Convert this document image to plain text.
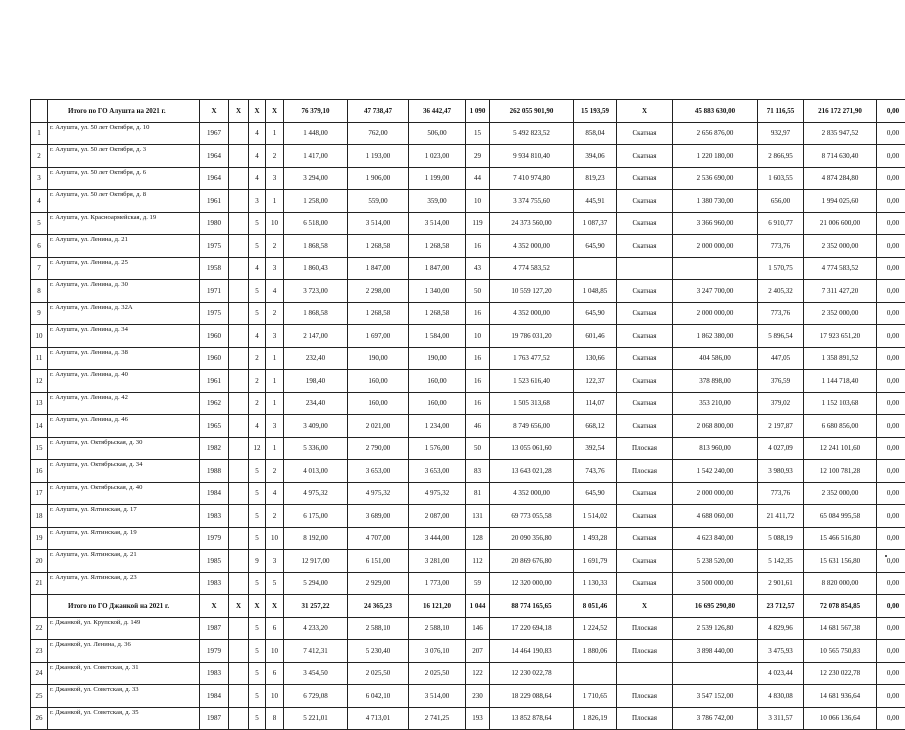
	Итого по ГО Алушта на 2021 г.	X	X	X	X	76 379,10	47 738,47	36 442,47	1 090	262 055 901,90	15 193,59	X	45 883 630,00	71 116,55	216 172 271,90	0,00
1	г. Алушта, ул. 50 лет Октября, д. 10	1967		4	1	1 448,00	762,00	506,00	15	5 492 823,52	858,04	Скатная	2 656 876,00	932,97	2 835 947,52	0,00
2	г. Алушта, ул. 50 лет Октября, д. 3	1964		4	2	1 417,00	1 193,00	1 023,00	29	9 934 810,40	394,06	Скатная	1 220 180,00	2 866,95	8 714 630,40	0,00
3	г. Алушта, ул. 50 лет Октября, д. 6	1964		4	3	3 294,00	1 906,00	1 199,00	44	7 410 974,80	819,23	Скатная	2 536 690,00	1 603,55	4 874 284,80	0,00
4	г. Алушта, ул. 50 лет Октября, д. 8	1961		3	1	1 258,00	559,00	359,00	10	3 374 755,60	445,91	Скатная	1 380 730,00	656,00	1 994 025,60	0,00
5	г. Алушта, ул. Красноармейская, д. 19	1980		5	10	6 518,00	3 514,00	3 514,00	119	24 373 560,00	1 087,37	Скатная	3 366 960,00	6 910,77	21 006 600,00	0,00
6	г. Алушта, ул. Ленина, д. 21	1975		5	2	1 868,58	1 268,58	1 268,58	16	4 352 000,00	645,90	Скатная	2 000 000,00	773,76	2 352 000,00	0,00
7	г. Алушта, ул. Ленина, д. 25	1958		4	3	1 860,43	1 847,00	1 847,00	43	4 774 583,52				1 570,75	4 774 583,52	0,00
8	г. Алушта, ул. Ленина, д. 30	1971		5	4	3 723,00	2 298,00	1 340,00	50	10 559 127,20	1 048,85	Скатная	3 247 700,00	2 405,32	7 311 427,20	0,00
9	г. Алушта, ул. Ленина, д. 32А	1975		5	2	1 868,58	1 268,58	1 268,58	16	4 352 000,00	645,90	Скатная	2 000 000,00	773,76	2 352 000,00	0,00
10	г. Алушта, ул. Ленина, д. 34	1960		4	3	2 147,00	1 697,00	1 584,00	10	19 786 031,20	601,46	Скатная	1 862 380,00	5 896,54	17 923 651,20	0,00
11	г. Алушта, ул. Ленина, д. 38	1960		2	1	232,40	190,00	190,00	16	1 763 477,52	130,66	Скатная	404 586,00	447,05	1 358 891,52	0,00
12	г. Алушта, ул. Ленина, д. 40	1961		2	1	198,40	160,00	160,00	16	1 523 616,40	122,37	Скатная	378 898,00	376,59	1 144 718,40	0,00
13	г. Алушта, ул. Ленина, д. 42	1962		2	1	234,40	160,00	160,00	16	1 505 313,68	114,07	Скатная	353 210,00	379,02	1 152 103,68	0,00
14	г. Алушта, ул. Ленина, д. 46	1965		4	3	3 409,00	2 021,00	1 234,00	46	8 749 656,00	668,12	Скатная	2 068 800,00	2 197,87	6 680 856,00	0,00
15	г. Алушта, ул. Октябрьская, д. 30	1982		12	1	5 336,00	2 790,00	1 576,00	50	13 055 061,60	392,54	Плоская	813 960,00	4 027,09	12 241 101,60	0,00
16	г. Алушта, ул. Октябрьская, д. 34	1988		5	2	4 013,00	3 653,00	3 653,00	83	13 643 021,28	743,76	Плоская	1 542 240,00	3 980,93	12 100 781,28	0,00
17	г. Алушта, ул. Октябрьская, д. 40	1984		5	4	4 975,32	4 975,32	4 975,32	81	4 352 000,00	645,90	Скатная	2 000 000,00	773,76	2 352 000,00	0,00
18	г. Алушта, ул. Ялтинская, д. 17	1983		5	2	6 175,00	3 689,00	2 087,00	131	69 773 055,58	1 514,02	Скатная	4 688 060,00	21 411,72	65 084 995,58	0,00
19	г. Алушта, ул. Ялтинская, д. 19	1979		5	10	8 192,00	4 707,00	3 444,00	128	20 090 356,80	1 493,28	Скатная	4 623 840,00	5 088,19	15 466 516,80	0,00
20	г. Алушта, ул. Ялтинская, д. 21	1985		9	3	12 917,00	6 151,00	3 281,00	112	20 869 676,80	1 691,79	Скатная	5 238 520,00	5 142,35	15 631 156,80	0,00
21	г. Алушта, ул. Ялтинская, д. 23	1983		5	5	5 294,00	2 929,00	1 773,00	59	12 320 000,00	1 130,33	Скатная	3 500 000,00	2 901,61	8 820 000,00	0,00
	Итого по ГО Джанкой на 2021 г.	X	X	X	X	31 257,22	24 365,23	16 121,20	1 044	88 774 165,65	8 051,46	X	16 695 290,80	23 712,57	72 078 854,85	0,00
22	г. Джанкой, ул. Крупской, д. 149	1987		5	6	4 233,20	2 588,10	2 588,10	146	17 220 694,18	1 224,52	Плоская	2 539 126,80	4 829,96	14 681 567,38	0,00
23	г. Джанкой, ул. Ленина, д. 36	1979		5	10	7 412,31	5 230,40	3 076,10	207	14 464 190,83	1 880,06	Плоская	3 898 440,00	3 475,93	10 565 750,83	0,00
24	г. Джанкой, ул. Советская, д. 31	1983		5	6	3 454,50	2 025,50	2 025,50	122	12 230 022,78				4 023,44	12 230 022,78	0,00
25	г. Джанкой, ул. Советская, д. 33	1984		5	10	6 729,08	6 042,10	3 514,00	230	18 229 088,64	1 710,65	Плоская	3 547 152,00	4 830,08	14 681 936,64	0,00
26	г. Джанкой, ул. Советская, д. 35	1987		5	8	5 221,01	4 713,01	2 741,25	193	13 852 878,64	1 826,19	Плоская	3 786 742,00	3 311,57	10 066 136,64	0,00
